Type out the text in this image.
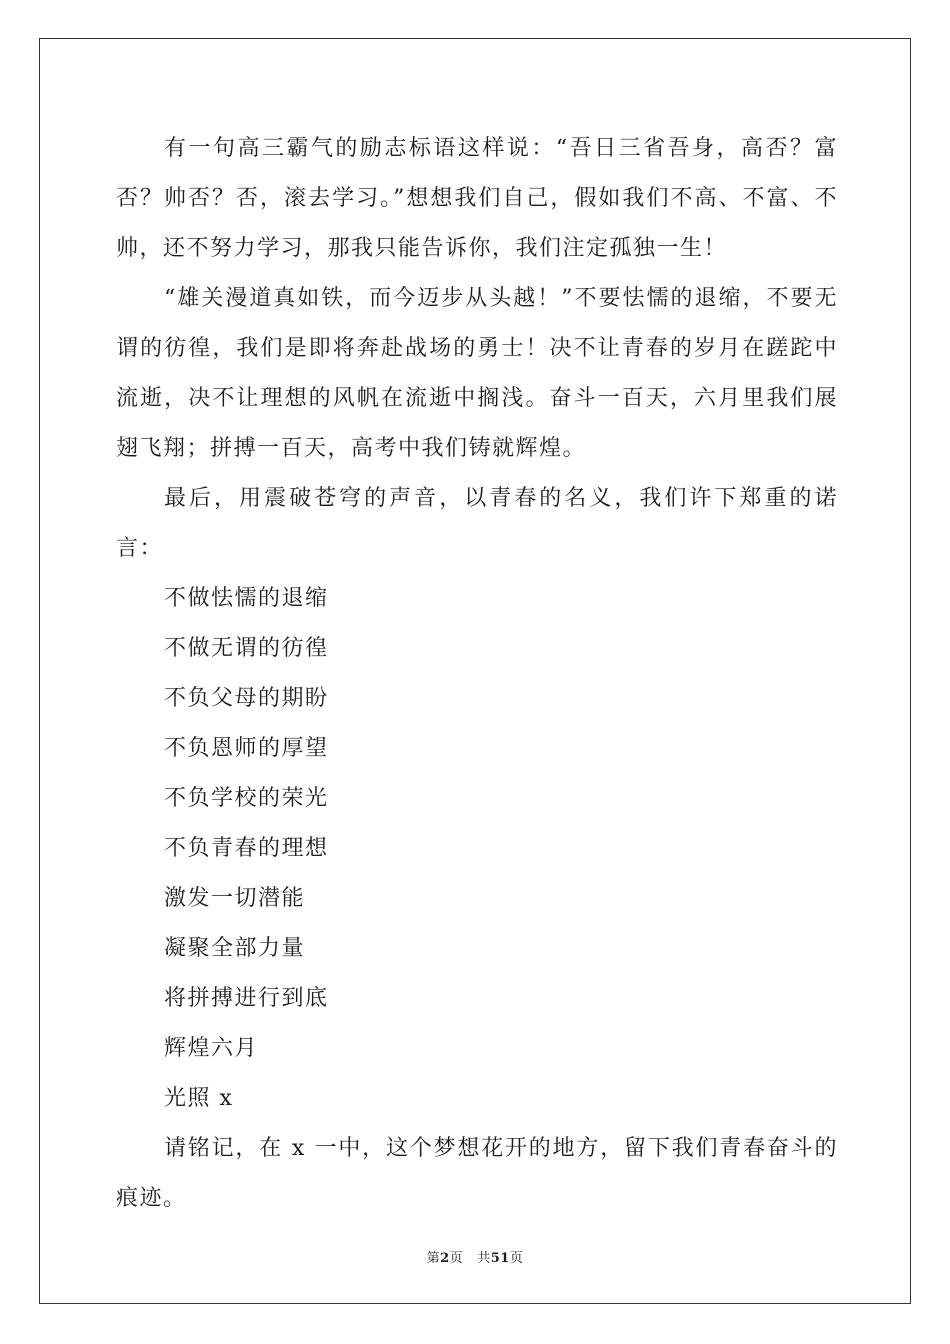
有一句高三霸气的励志标语这样说：“吾日三省吾身，高否？富否？帅否？否，滚去学习。”想想我们自己，假如我们不高、不富、不帅，还不努力学习，那我只能告诉你，我们注定孤独一生！

“雄关漫道真如铁，而今迈步从头越！”不要怯懦的退缩，不要无谓的彷徨，我们是即将奔赴战场的勇士！决不让青春的岁月在蹉跎中流逝，决不让理想的风帆在流逝中搁浅。奋斗一百天，六月里我们展翅飞翔；拼搏一百天，高考中我们铸就辉煌。

最后，用震破苍穹的声音，以青春的名义，我们许下郑重的诺言：

不做怯懦的退缩

不做无谓的彷徨

不负父母的期盼

不负恩师的厚望

不负学校的荣光

不负青春的理想

激发一切潜能

凝聚全部力量

将拼搏进行到底

辉煌六月

光照 x

请铭记，在 x 一中，这个梦想花开的地方，留下我们青春奋斗的痕迹。

第2页 共51页
